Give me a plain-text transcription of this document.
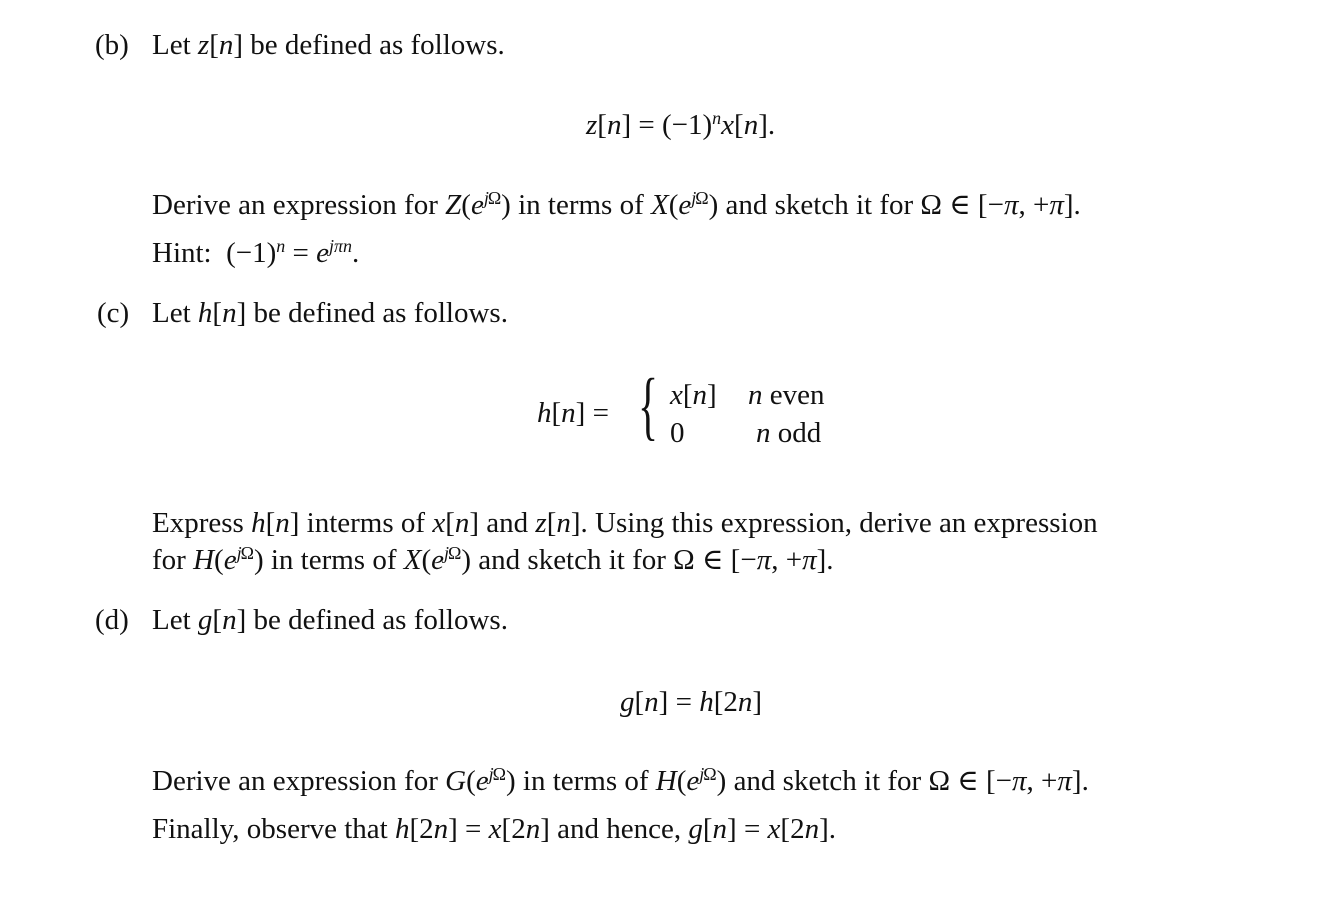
(b) Let z[n] be defined as follows.
$z[n] = (-1)^nx[n]$.
Derive an expression for $Z(e^{j\Omega})$ in terms of $X(e^{j\Omega})$ and sketch it for Ω ∈ [−π, +π].
Hint:  $(-1)^n = e^{j\pi n}$.
(c) Let h[n] be defined as follows.
h[n] = { x[n] n even
0 n odd
Express h[n] interms of x[n] and z[n]. Using this expression, derive an expression
for $H(e^{j\Omega})$ in terms of $X(e^{j\Omega})$ and sketch it for Ω ∈ [−π, +π].
(d) Let g[n] be defined as follows.
g[n] = h[2n]
Derive an expression for $G(e^{j\Omega})$ in terms of $H(e^{j\Omega})$ and sketch it for Ω ∈ [−π, +π].
Finally, observe that h[2n] = x[2n] and hence, g[n] = x[2n].
